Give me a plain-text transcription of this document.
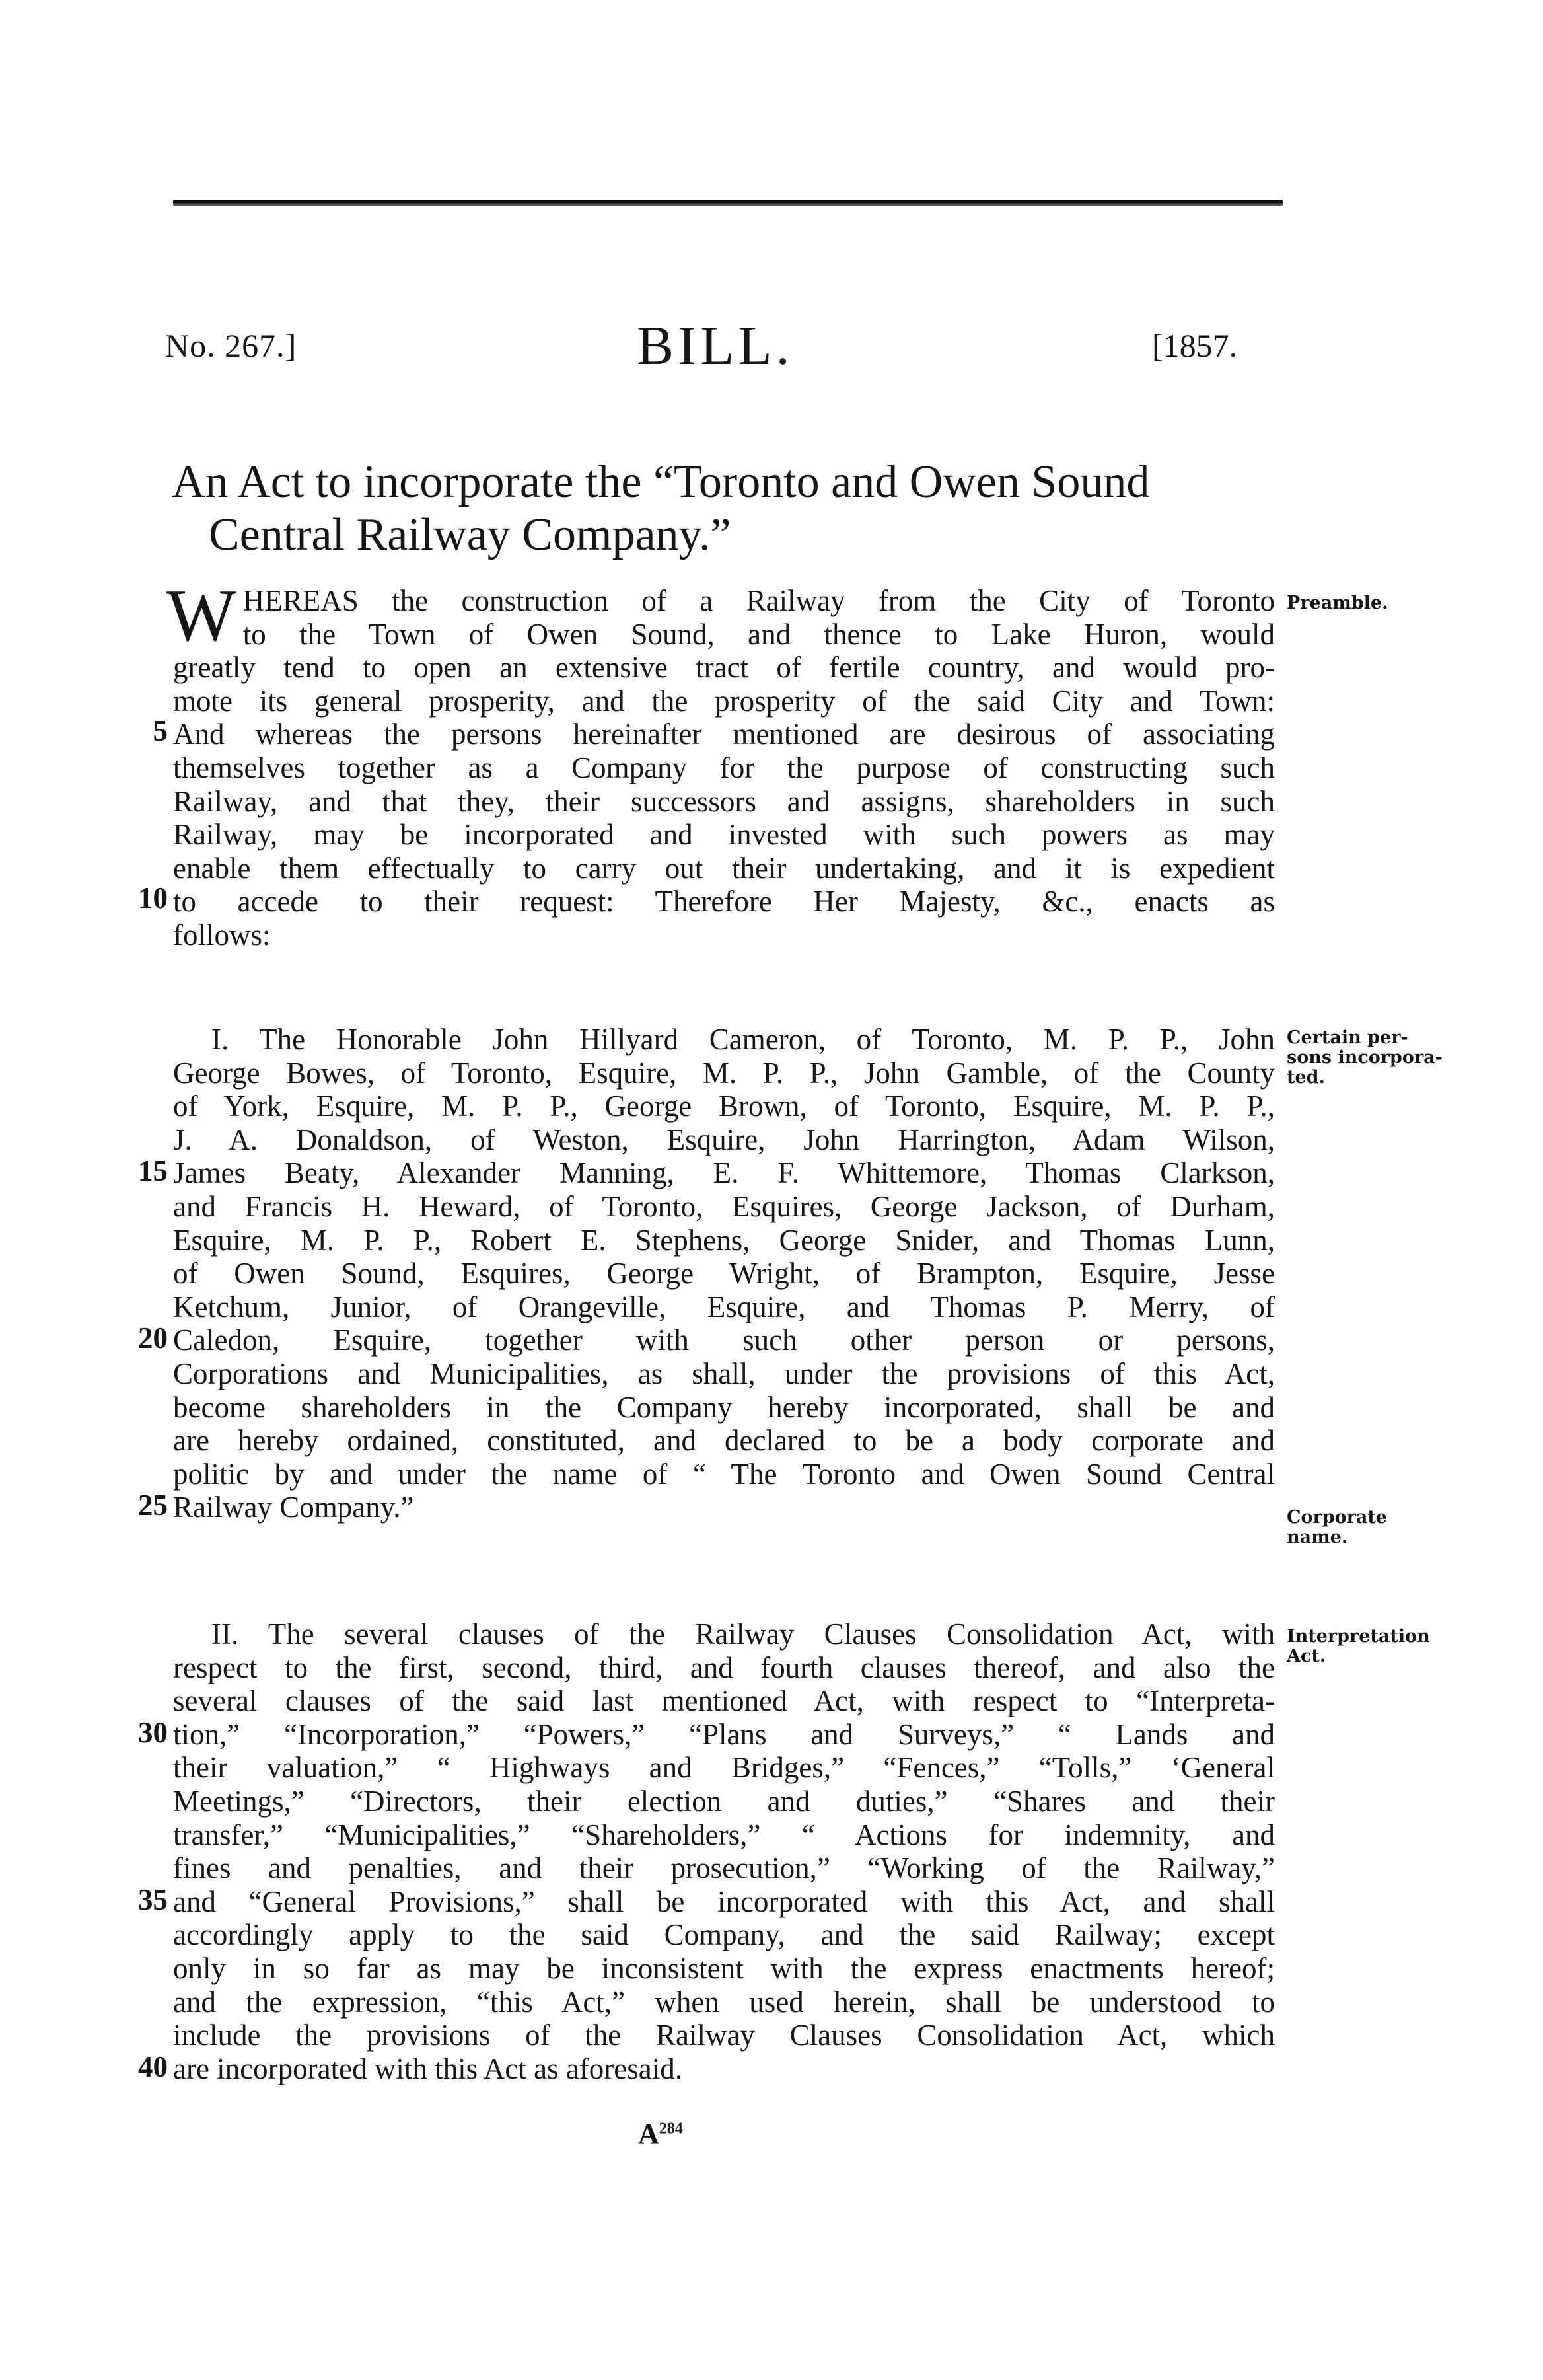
No. 267.]	BILL.	[1857.
An Act to incorporate the “Toronto and Owen Sound
Central Railway Company.”
W HEREAS the construction of a Railway from the City of Toronto
to the Town of Owen Sound, and thence to Lake Huron, would
greatly tend to open an extensive tract of fertile country, and would pro-
mote its general prosperity, and the prosperity of the said City and Town:
And whereas the persons hereinafter mentioned are desirous of associating
themselves together as a Company for the purpose of constructing such
Railway, and that they, their successors and assigns, shareholders in such
Railway, may be incorporated and invested with such powers as may
enable them effectually to carry out their undertaking, and it is expedient
to accede to their request: Therefore Her Majesty, &c., enacts as
follows:
I. The Honorable John Hillyard Cameron, of Toronto, M. P. P., John
George Bowes, of Toronto, Esquire, M. P. P., John Gamble, of the County
of York, Esquire, M. P. P., George Brown, of Toronto, Esquire, M. P. P.,
J. A. Donaldson, of Weston, Esquire, John Harrington, Adam Wilson,
James Beaty, Alexander Manning, E. F. Whittemore, Thomas Clarkson,
and Francis H. Heward, of Toronto, Esquires, George Jackson, of Durham,
Esquire, M. P. P., Robert E. Stephens, George Snider, and Thomas Lunn,
of Owen Sound, Esquires, George Wright, of Brampton, Esquire, Jesse
Ketchum, Junior, of Orangeville, Esquire, and Thomas P. Merry, of
Caledon, Esquire, together with such other person or persons,
Corporations and Municipalities, as shall, under the provisions of this Act,
become shareholders in the Company hereby incorporated, shall be and
are hereby ordained, constituted, and declared to be a body corporate and
politic by and under the name of “ The Toronto and Owen Sound Central
Railway Company.”
II. The several clauses of the Railway Clauses Consolidation Act, with
respect to the first, second, third, and fourth clauses thereof, and also the
several clauses of the said last mentioned Act, with respect to “Interpreta-
tion,” “Incorporation,” “Powers,” “Plans and Surveys,” “ Lands and
their valuation,” “ Highways and Bridges,” “Fences,” “Tolls,” ‘General
Meetings,” “Directors, their election and duties,” “Shares and their
transfer,” “Municipalities,” “Shareholders,” “ Actions for indemnity, and
fines and penalties, and their prosecution,” “Working of the Railway,”
and “General Provisions,” shall be incorporated with this Act, and shall
accordingly apply to the said Company, and the said Railway; except
only in so far as may be inconsistent with the express enactments hereof;
and the expression, “this Act,” when used herein, shall be understood to
include the provisions of the Railway Clauses Consolidation Act, which
are incorporated with this Act as aforesaid.
Preamble.
Certain per-sons incorpora-ted.
Corporate name.
Interpretation Act.
5
10
15
20
25
30
35
40
$A^{284}$
